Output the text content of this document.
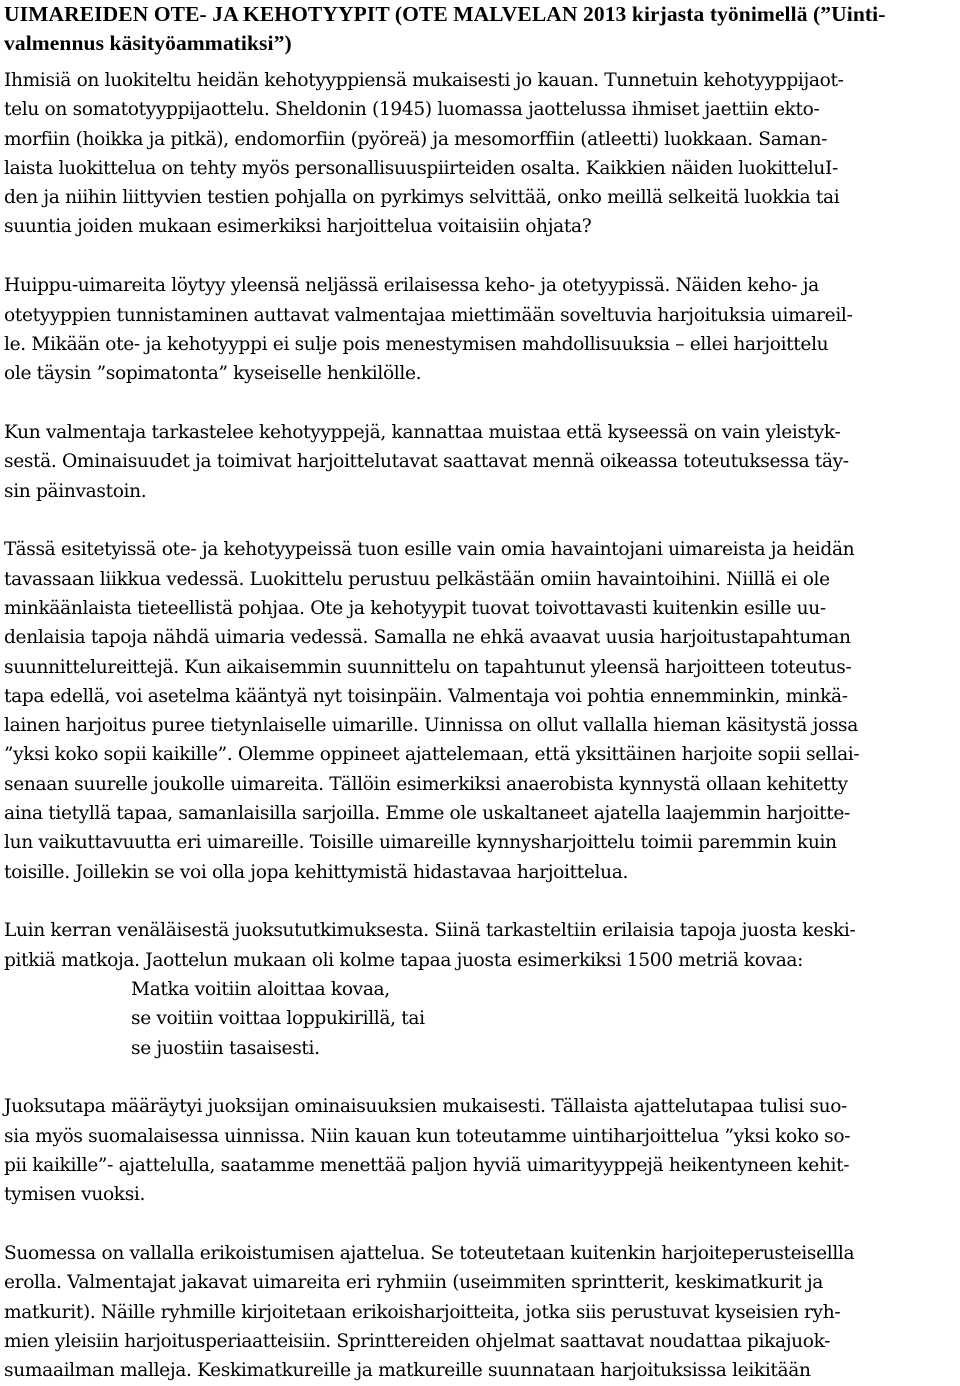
UIMAREIDEN OTE- JA KEHOTYYPIT (OTE MALVELAN 2013 kirjasta työnimellä (”Uinti-
valmennus käsityöammatiksi”)

Ihmisiä on luokiteltu heidän kehotyyppiensä mukaisesti jo kauan. Tunnetuin kehotyyppijaot-
telu on somatotyyppijaottelu. Sheldonin (1945) luomassa jaottelussa ihmiset jaettiin ekto-
morfiin (hoikka ja pitkä), endomorfiin (pyöreä) ja mesomorffiin (atleetti) luokkaan. Saman-
laista luokittelua on tehty myös personallisuuspiirteiden osalta. Kaikkien näiden luokitteluI-
den ja niihin liittyvien testien pohjalla on pyrkimys selvittää, onko meillä selkeitä luokkia tai
suuntia joiden mukaan esimerkiksi harjoittelua voitaisiin ohjata?

Huippu-uimareita löytyy yleensä neljässä erilaisessa keho- ja otetyypissä. Näiden keho- ja
otetyyppien tunnistaminen auttavat valmentajaa miettimään soveltuvia harjoituksia uimareil-
le. Mikään ote- ja kehotyyppi ei sulje pois menestymisen mahdollisuuksia – ellei harjoittelu
ole täysin ”sopimatonta” kyseiselle henkilölle.

Kun valmentaja tarkastelee kehotyyppejä, kannattaa muistaa että kyseessä on vain yleistyk-
sestä. Ominaisuudet ja toimivat harjoittelutavat saattavat mennä oikeassa toteutuksessa täy-
sin päinvastoin.

Tässä esitetyissä ote- ja kehotyypeissä tuon esille vain omia havaintojani uimareista ja heidän
tavassaan liikkua vedessä. Luokittelu perustuu pelkästään omiin havaintoihini. Niillä ei ole
minkäänlaista tieteellistä pohjaa. Ote ja kehotyypit tuovat toivottavasti kuitenkin esille uu-
denlaisia tapoja nähdä uimaria vedessä. Samalla ne ehkä avaavat uusia harjoitustapahtuman
suunnittelureittejä. Kun aikaisemmin suunnittelu on tapahtunut yleensä harjoitteen toteutus-
tapa edellä, voi asetelma kääntyä nyt toisinpäin. Valmentaja voi pohtia ennemminkin, minkä-
lainen harjoitus puree tietynlaiselle uimarille. Uinnissa on ollut vallalla hieman käsitystä jossa
”yksi koko sopii kaikille”. Olemme oppineet ajattelemaan, että yksittäinen harjoite sopii sellai-
senaan suurelle joukolle uimareita. Tällöin esimerkiksi anaerobista kynnystä ollaan kehitetty
aina tietyllä tapaa, samanlaisilla sarjoilla. Emme ole uskaltaneet ajatella laajemmin harjoitte-
lun vaikuttavuutta eri uimareille. Toisille uimareille kynnysharjoittelu toimii paremmin kuin
toisille. Joillekin se voi olla jopa kehittymistä hidastavaa harjoittelua.

Luin kerran venäläisestä juoksututkimuksesta. Siinä tarkasteltiin erilaisia tapoja juosta keski-
pitkiä matkoja. Jaottelun mukaan oli kolme tapaa juosta esimerkiksi 1500 metriä kovaa:

Matka voitiin aloittaa kovaa,
se voitiin voittaa loppukirillä, tai
se juostiin tasaisesti.

Juoksutapa määräytyi juoksijan ominaisuuksien mukaisesti. Tällaista ajattelutapaa tulisi suo-
sia myös suomalaisessa uinnissa. Niin kauan kun toteutamme uintiharjoittelua ”yksi koko so-
pii kaikille”- ajattelulla, saatamme menettää paljon hyviä uimarityyppejä heikentyneen kehit-
tymisen vuoksi.

Suomessa on vallalla erikoistumisen ajattelua. Se toteutetaan kuitenkin harjoiteperusteisellla
erolla. Valmentajat jakavat uimareita eri ryhmiin (useimmiten sprintterit, keskimatkurit ja
matkurit). Näille ryhmille kirjoitetaan erikoisharjoitteita, jotka siis perustuvat kyseisien ryh-
mien yleisiin harjoitusperiaatteisiin. Sprinttereiden ohjelmat saattavat noudattaa pikajuok-
sumaailman malleja. Keskimatkureille ja matkureille suunnataan harjoituksissa leikitään
